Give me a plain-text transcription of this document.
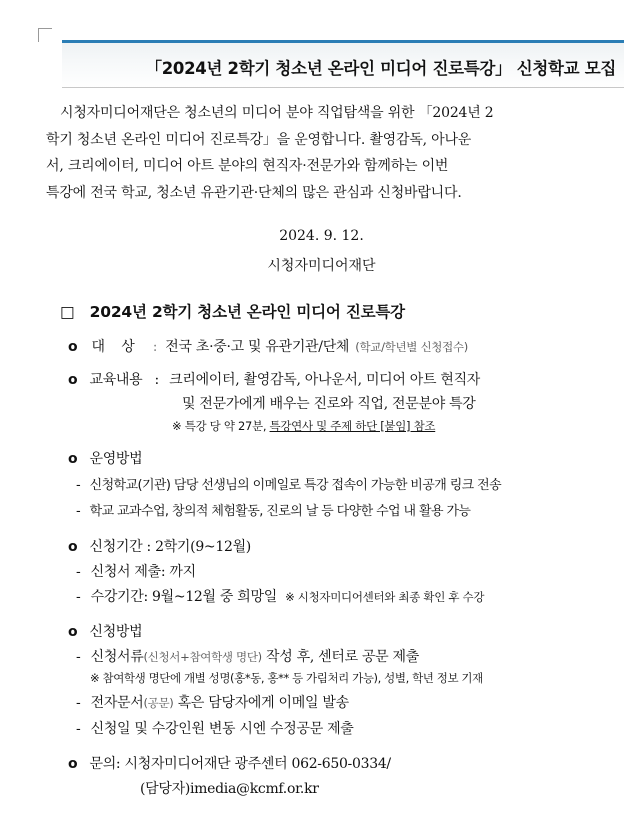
「2024년 2학기 청소년 온라인 미디어 진로특강」 신청학교 모집
시청자미디어재단은 청소년의 미디어 분야 직업탐색을 위한 「2024년 2
학기 청소년 온라인 미디어 진로특강」을 운영합니다. 촬영감독, 아나운
서, 크리에이터, 미디어 아트 분야의 현직자·전문가와 함께하는 이번
특강에 전국 학교, 청소년 유관기관·단체의 많은 관심과 신청바랍니다.
2024. 9. 12.
시청자미디어재단
□ 2024년 2학기 청소년 온라인 미디어 진로특강
o 대    상 : 전국 초·중·고 및 유관기관/단체 (학교/학년별 신청접수)
o 교육내용 : 크리에이터, 촬영감독, 아나운서, 미디어 아트 현직자
및 전문가에게 배우는 진로와 직업, 전문분야 특강
※ 특강 당 약 27분, 특강연사 및 주제 하단 [붙임] 참조
o 운영방법
- 신청학교(기관) 담당 선생님의 이메일로 특강 접속이 가능한 비공개 링크 전송
- 학교 교과수업, 창의적 체험활동, 진로의 날 등 다양한 수업 내 활용 가능
o 신청기간 : 2학기(9~12월)
- 신청서 제출: 까지
- 수강기간: 9월~12월 중 희망일 ※ 시청자미디어센터와 최종 확인 후 수강
o 신청방법
- 신청서류(신청서+참여학생 명단) 작성 후, 센터로 공문 제출
※ 참여학생 명단에 개별 성명(홍*동, 홍** 등 가림처리 가능), 성별, 학년 정보 기재
- 전자문서(공문) 혹은 담당자에게 이메일 발송
- 신청일 및 수강인원 변동 시엔 수정공문 제출
o 문의: 시청자미디어재단 광주센터 062-650-0334/
(담당자)imedia@kcmf.or.kr
